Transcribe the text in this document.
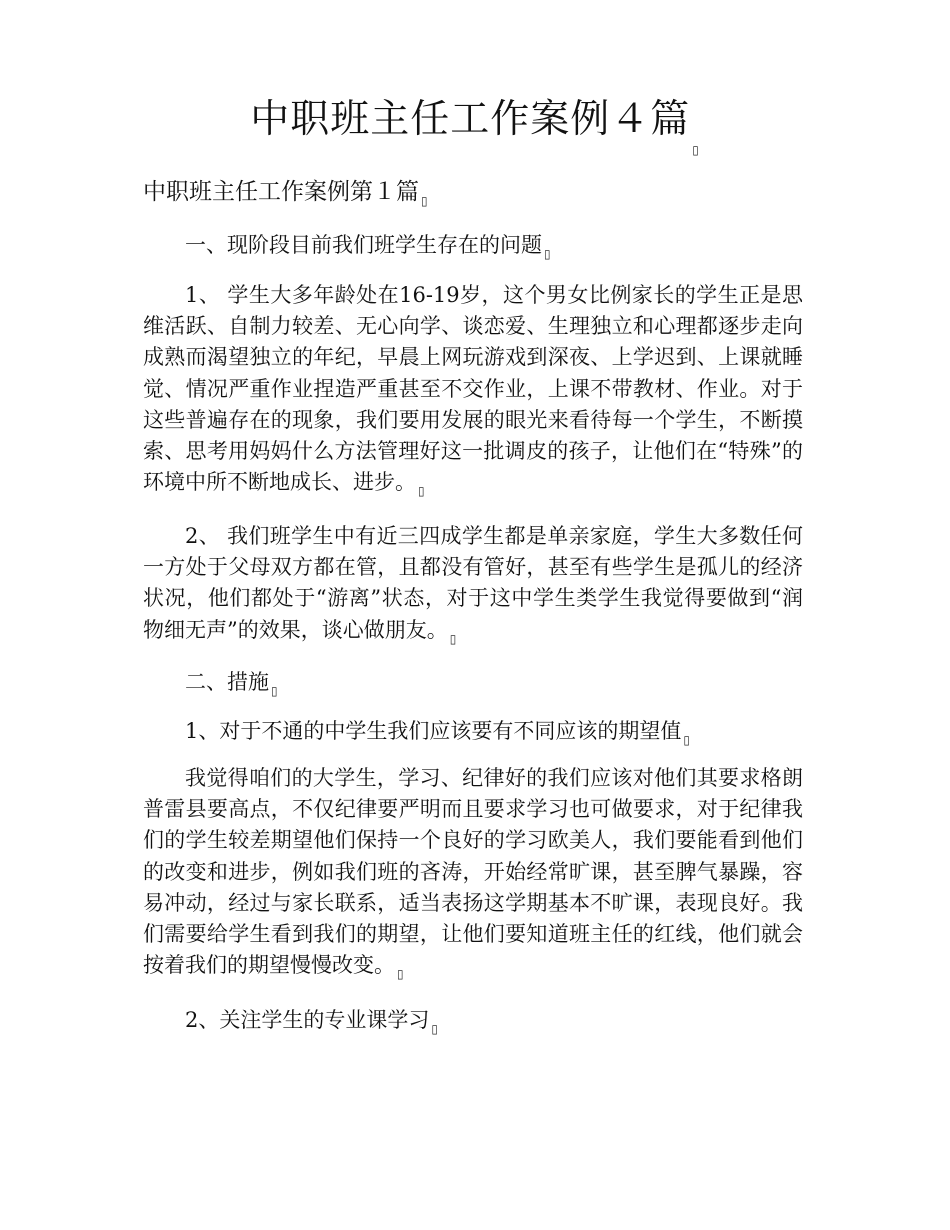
中职班主任工作案例４篇$_▯$
中职班主任工作案例第１篇 $_▯$

一、现阶段目前我们班学生存在的问题 $_▯$

1、 学生大多年龄处在16-19岁，这个男女比例家长的学生正是思维活跃、自制力较差、无心向学、谈恋爱、生理独立和心理都逐步走向成熟而渴望独立的年纪，早晨上网玩游戏到深夜、上学迟到、上课就睡觉、情况严重作业捏造严重甚至不交作业，上课不带教材、作业。对于这些普遍存在的现象，我们要用发展的眼光来看待每一个学生，不断摸索、思考用妈妈什么方法管理好这一批调皮的孩子，让他们在“特殊”的环境中所不断地成长、进步。 $_▯$

2、 我们班学生中有近三四成学生都是单亲家庭，学生大多数任何一方处于父母双方都在管，且都没有管好，甚至有些学生是孤儿的经济状况，他们都处于“游离”状态，对于这中学生类学生我觉得要做到“润物细无声”的效果，谈心做朋友。 $_▯$

二、措施 $_▯$

1、对于不通的中学生我们应该要有不同应该的期望值 $_▯$

我觉得咱们的大学生，学习、纪律好的我们应该对他们其要求格朗普雷县要高点，不仅纪律要严明而且要求学习也可做要求，对于纪律我们的学生较差期望他们保持一个良好的学习欧美人，我们要能看到他们的改变和进步，例如我们班的吝涛，开始经常旷课，甚至脾气暴躁，容易冲动，经过与家长联系，适当表扬这学期基本不旷课，表现良好。我们需要给学生看到我们的期望，让他们要知道班主任的红线，他们就会按着我们的期望慢慢改变。 $_▯$

2、关注学生的专业课学习 $_▯$
